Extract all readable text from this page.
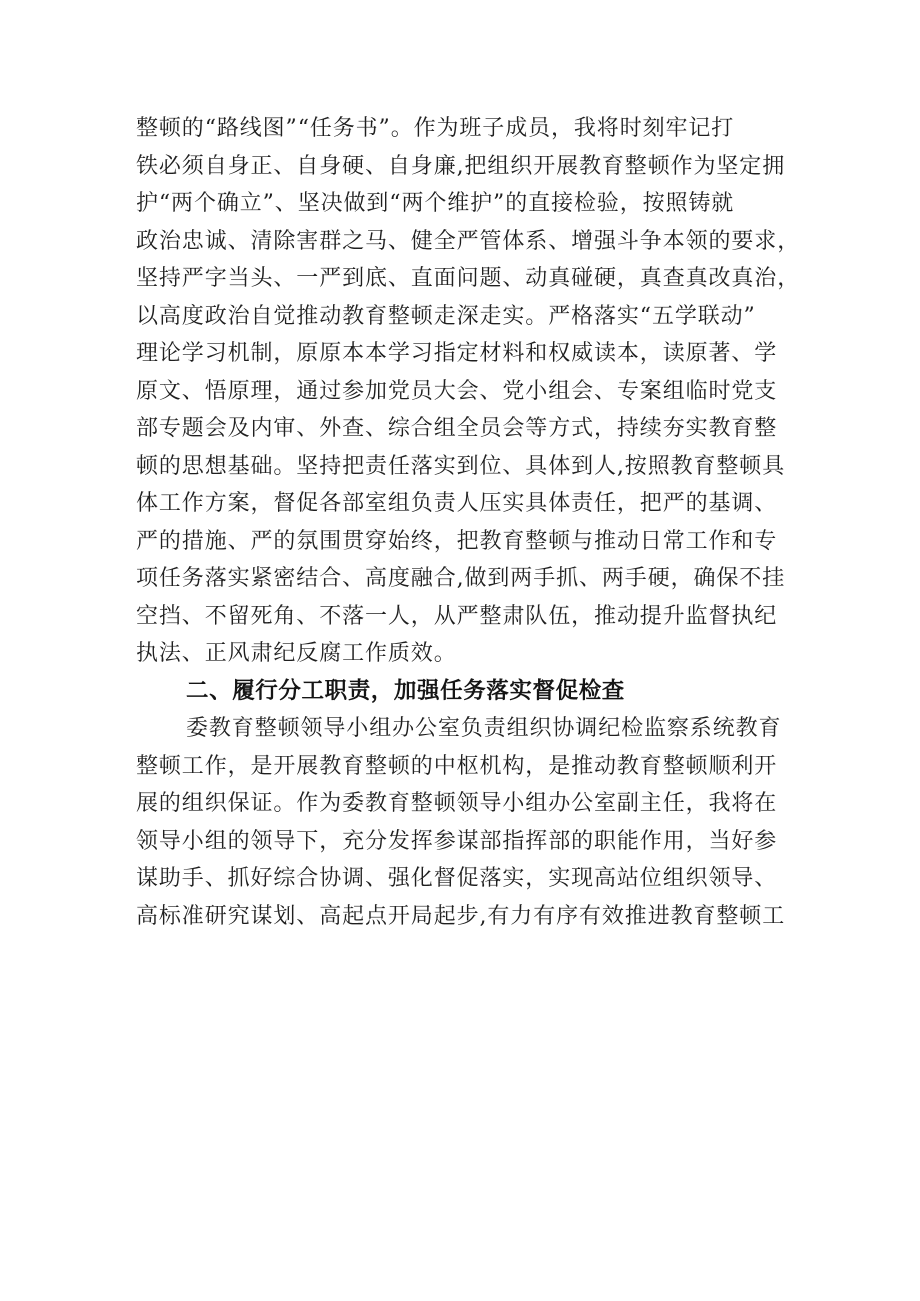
整顿的“路线图”“任务书”。作为班子成员，我将时刻牢记打
铁必须自身正、自身硬、自身廉,把组织开展教育整顿作为坚定拥
护“两个确立”、坚决做到“两个维护”的直接检验，按照铸就
政治忠诚、清除害群之马、健全严管体系、增强斗争本领的要求，
坚持严字当头、一严到底、直面问题、动真碰硬，真查真改真治，
以高度政治自觉推动教育整顿走深走实。严格落实“五学联动”
理论学习机制，原原本本学习指定材料和权威读本，读原著、学
原文、悟原理，通过参加党员大会、党小组会、专案组临时党支
部专题会及内审、外查、综合组全员会等方式，持续夯实教育整
顿的思想基础。坚持把责任落实到位、具体到人,按照教育整顿具
体工作方案，督促各部室组负责人压实具体责任，把严的基调、
严的措施、严的氛围贯穿始终，把教育整顿与推动日常工作和专
项任务落实紧密结合、高度融合,做到两手抓、两手硬，确保不挂
空挡、不留死角、不落一人，从严整肃队伍，推动提升监督执纪
执法、正风肃纪反腐工作质效。
二、履行分工职责，加强任务落实督促检查
委教育整顿领导小组办公室负责组织协调纪检监察系统教育
整顿工作，是开展教育整顿的中枢机构，是推动教育整顿顺利开
展的组织保证。作为委教育整顿领导小组办公室副主任，我将在
领导小组的领导下，充分发挥参谋部指挥部的职能作用，当好参
谋助手、抓好综合协调、强化督促落实，实现高站位组织领导、
高标准研究谋划、高起点开局起步,有力有序有效推进教育整顿工
